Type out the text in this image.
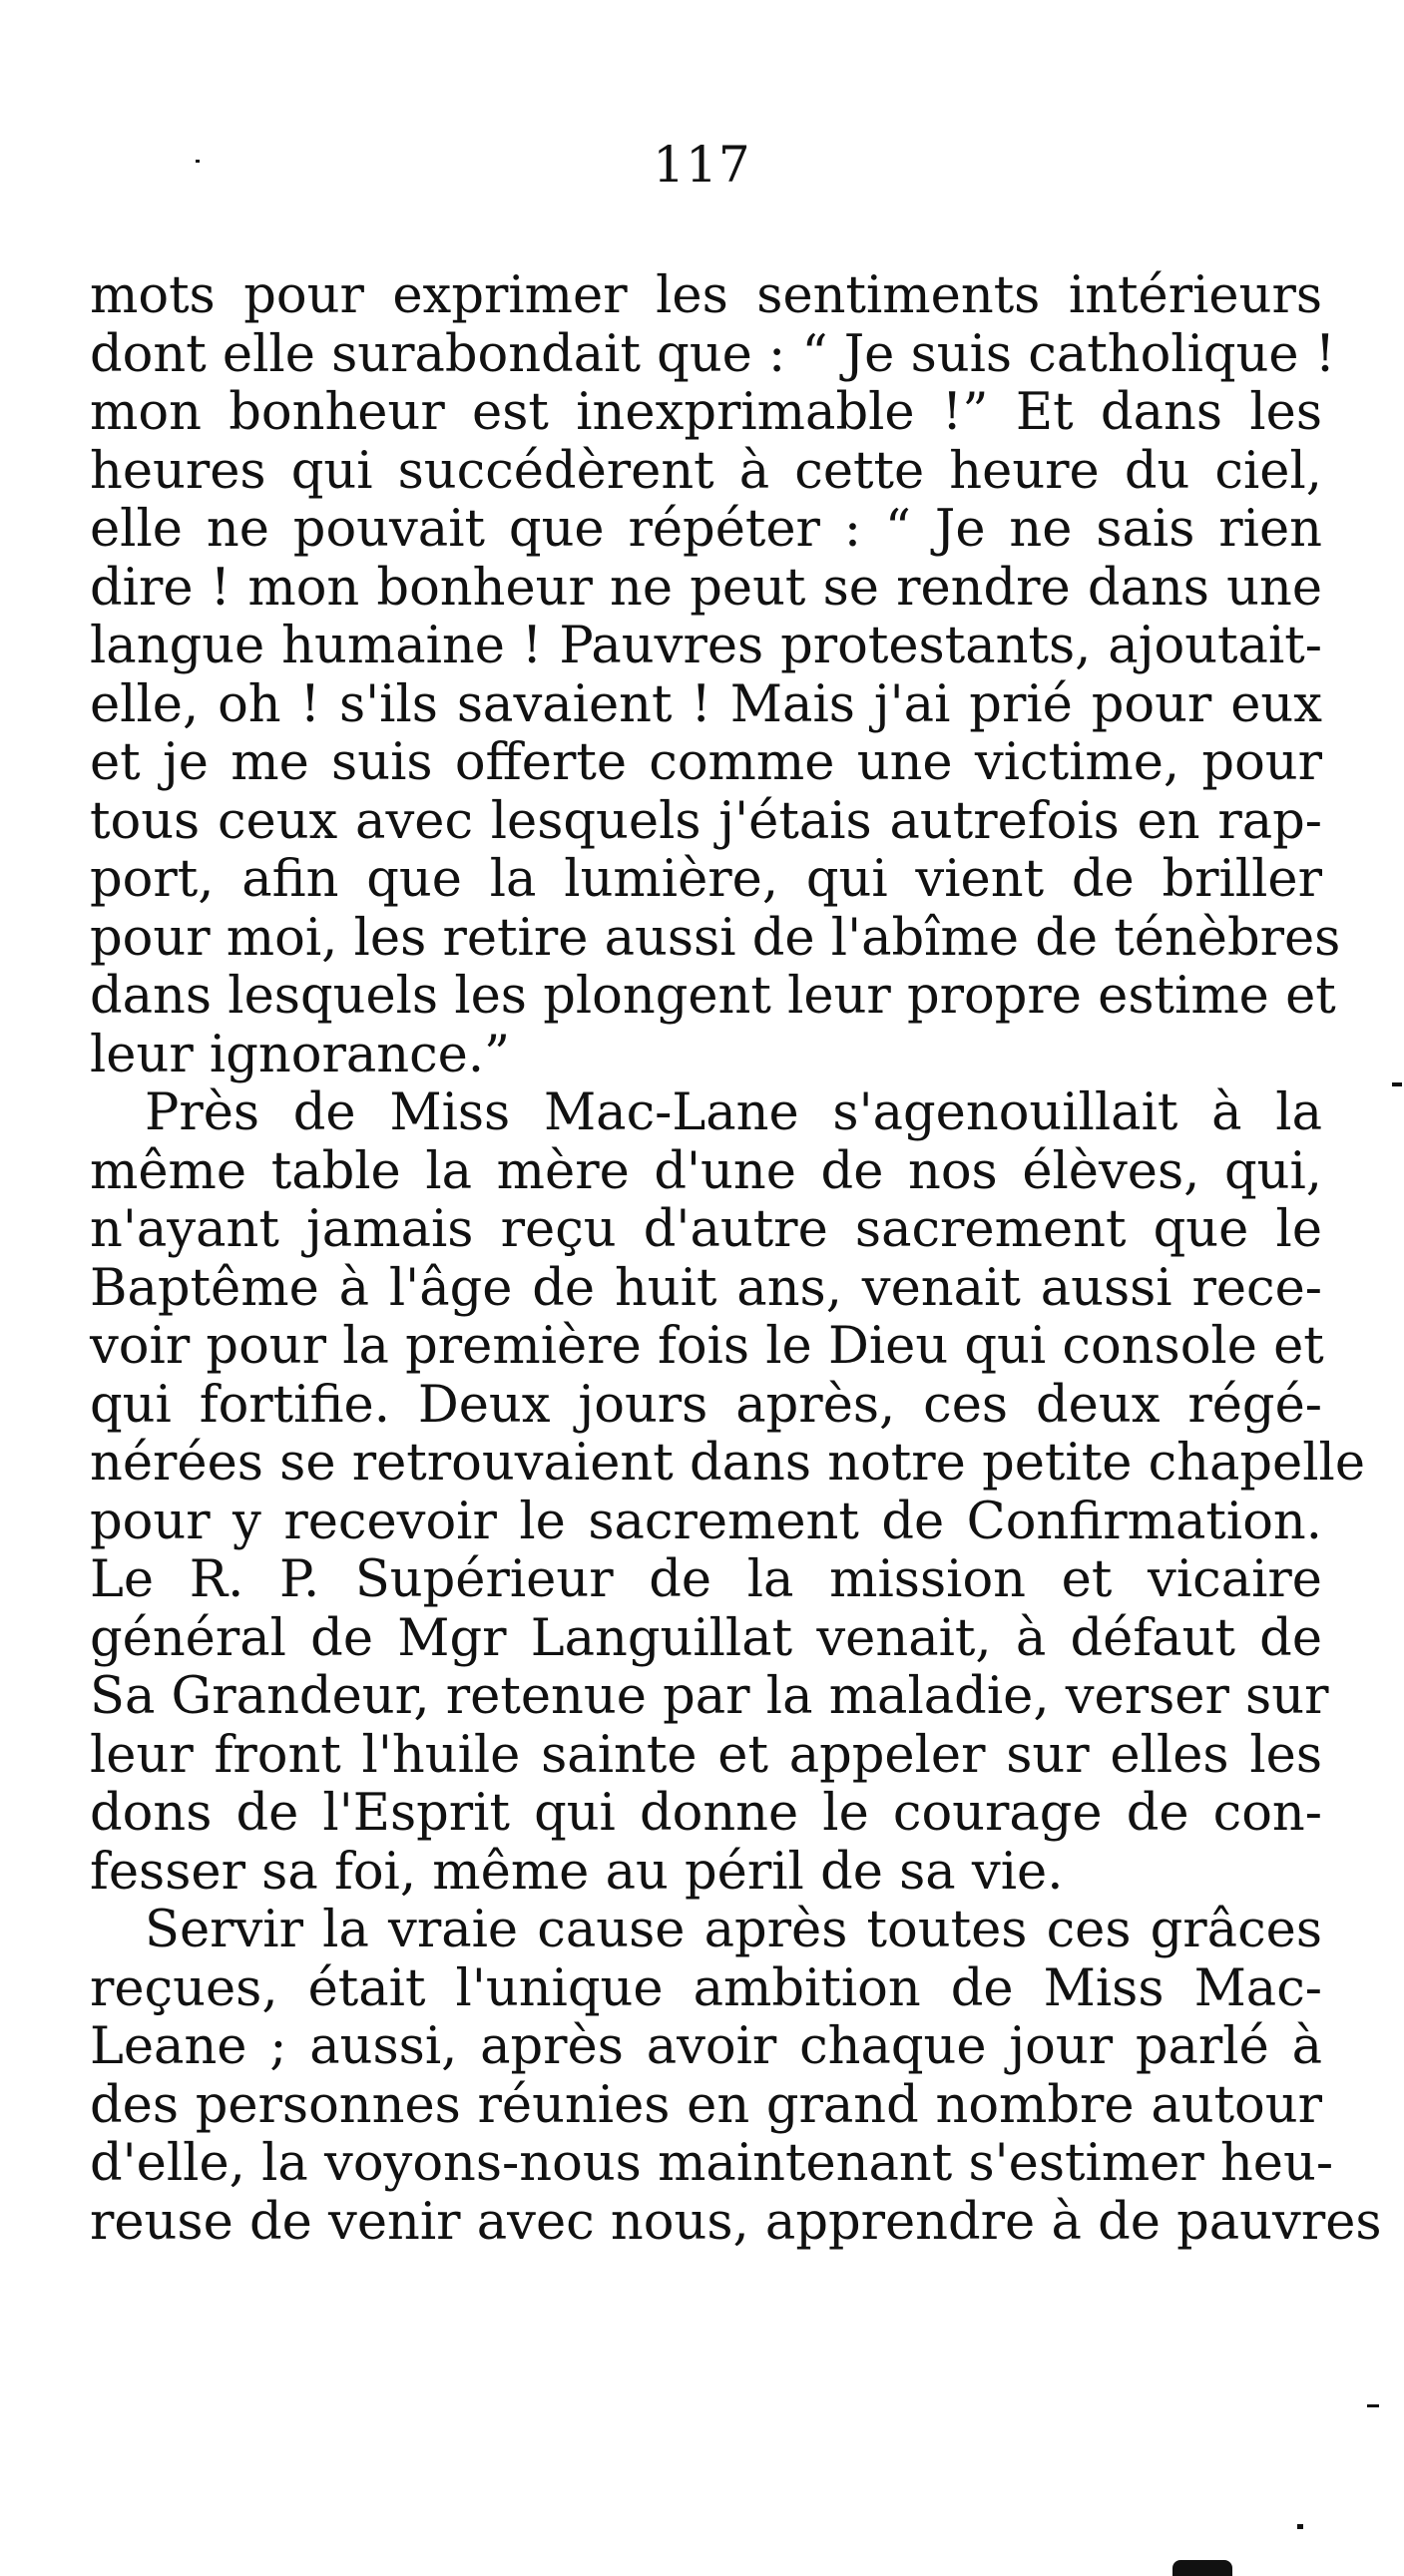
117
mots pour exprimer les sentiments intérieurs
dont elle surabondait que : “ Je suis catholique !
mon bonheur est inexprimable !” Et dans les
heures qui succédèrent à cette heure du ciel,
elle ne pouvait que répéter : “ Je ne sais rien
dire ! mon bonheur ne peut se rendre dans une
langue humaine ! Pauvres protestants, ajoutait-
elle, oh ! s'ils savaient ! Mais j'ai prié pour eux
et je me suis offerte comme une victime, pour
tous ceux avec lesquels j'étais autrefois en rap-
port, afin que la lumière, qui vient de briller
pour moi, les retire aussi de l'abîme de ténèbres
dans lesquels les plongent leur propre estime et
leur ignorance.”
Près de Miss Mac-Lane s'agenouillait à la
même table la mère d'une de nos élèves, qui,
n'ayant jamais reçu d'autre sacrement que le
Baptême à l'âge de huit ans, venait aussi rece-
voir pour la première fois le Dieu qui console et
qui fortifie. Deux jours après, ces deux régé-
nérées se retrouvaient dans notre petite chapelle
pour y recevoir le sacrement de Confirmation.
Le R. P. Supérieur de la mission et vicaire
général de Mgr Languillat venait, à défaut de
Sa Grandeur, retenue par la maladie, verser sur
leur front l'huile sainte et appeler sur elles les
dons de l'Esprit qui donne le courage de con-
fesser sa foi, même au péril de sa vie.
Servir la vraie cause après toutes ces grâces
reçues, était l'unique ambition de Miss Mac-
Leane ; aussi, après avoir chaque jour parlé à
des personnes réunies en grand nombre autour
d'elle, la voyons-nous maintenant s'estimer heu-
reuse de venir avec nous, apprendre à de pauvres
